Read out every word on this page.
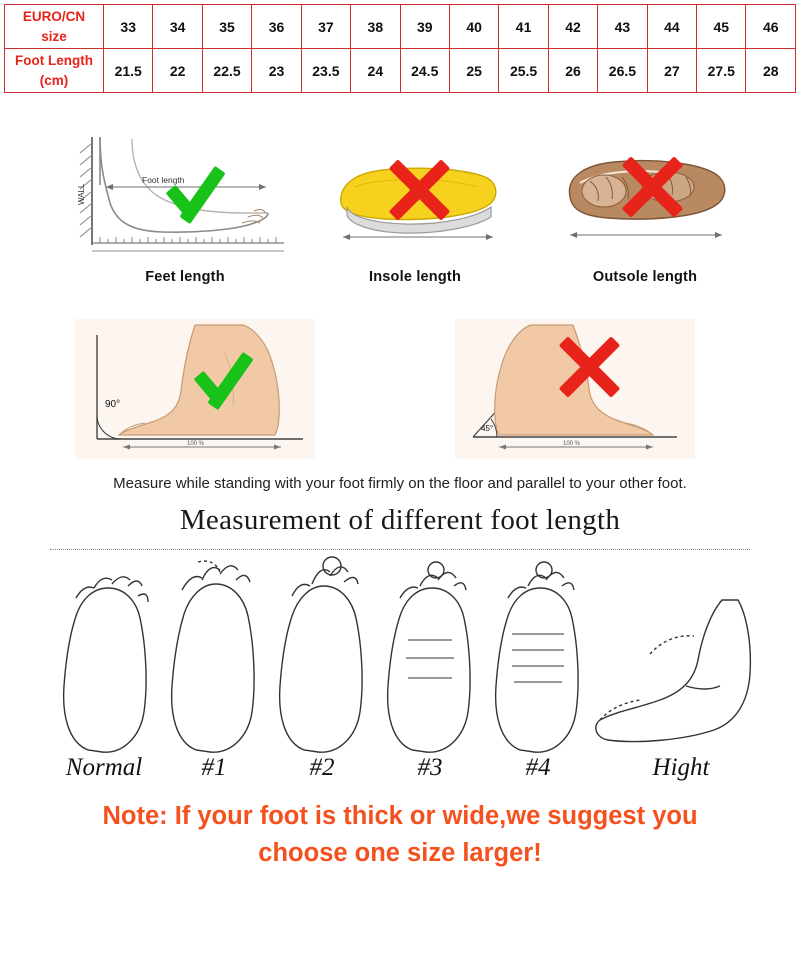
EURO/CN
size	33	34	35	36	37	38	39	40	41	42	43	44	45	46
Foot Length
(cm)	21.5	22	22.5	23	23.5	24	24.5	25	25.5	26	26.5	27	27.5	28
WALL
Foot length
Feet length	Insole length	Outsole length
90°
100 %
45°
100 %
Measure while standing with your foot firmly on the floor and parallel to your other foot.
Measurement of different foot length
Normal	#1	#2	#3	#4	Hight
Note: If your foot is thick or wide,we suggest you
choose one size larger!
